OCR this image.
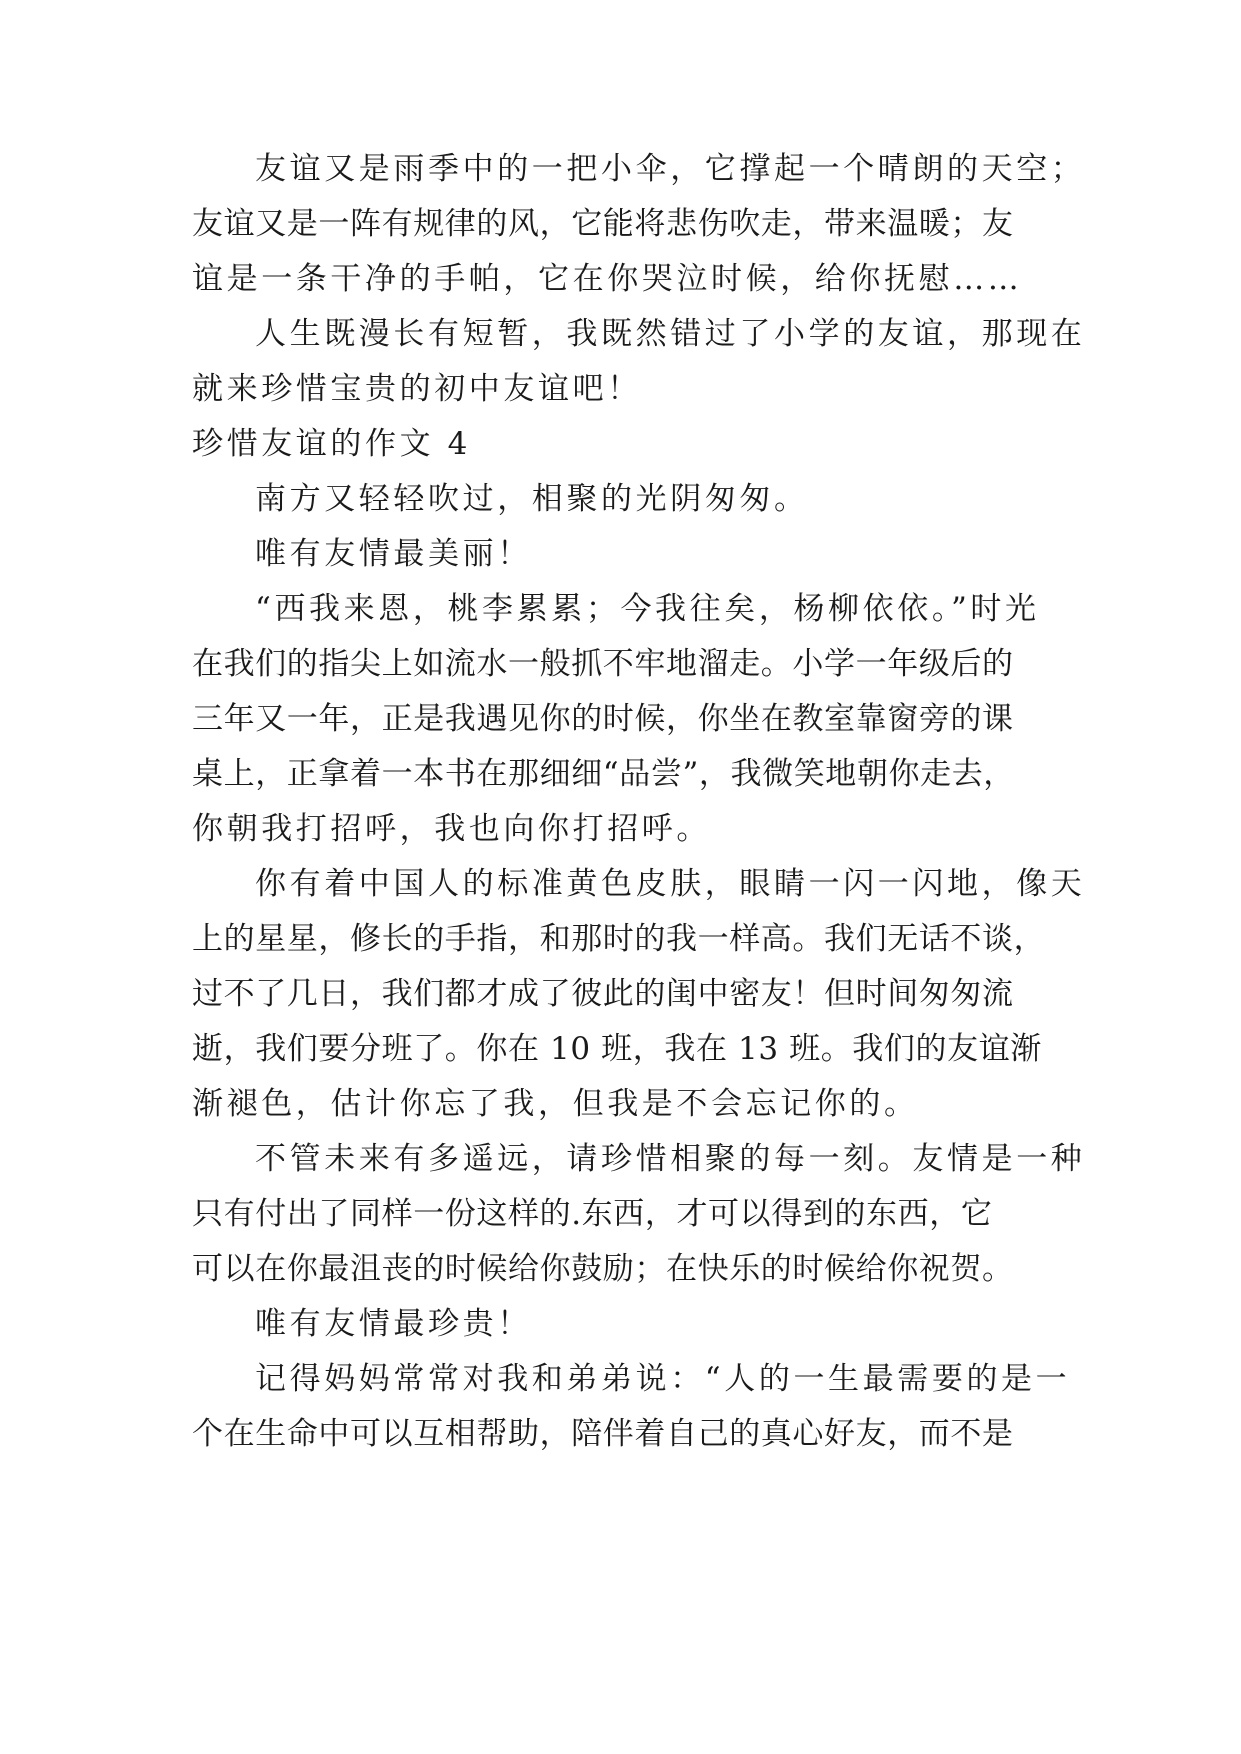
友谊又是雨季中的一把小伞，它撑起一个晴朗的天空；
友谊又是一阵有规律的风，它能将悲伤吹走，带来温暖；友
谊是一条干净的手帕，它在你哭泣时候，给你抚慰……
人生既漫长有短暂，我既然错过了小学的友谊，那现在
就来珍惜宝贵的初中友谊吧！
珍惜友谊的作文 4
南方又轻轻吹过，相聚的光阴匆匆。
唯有友情最美丽！
“西我来恩，桃李累累；今我往矣，杨柳依依。”时光
在我们的指尖上如流水一般抓不牢地溜走。小学一年级后的
三年又一年，正是我遇见你的时候，你坐在教室靠窗旁的课
桌上，正拿着一本书在那细细“品尝”，我微笑地朝你走去，
你朝我打招呼，我也向你打招呼。
你有着中国人的标准黄色皮肤，眼睛一闪一闪地，像天
上的星星，修长的手指，和那时的我一样高。我们无话不谈，
过不了几日，我们都才成了彼此的闺中密友！但时间匆匆流
逝，我们要分班了。你在 10 班，我在 13 班。我们的友谊渐
渐褪色，估计你忘了我，但我是不会忘记你的。
不管未来有多遥远，请珍惜相聚的每一刻。友情是一种
只有付出了同样一份这样的.东西，才可以得到的东西，它
可以在你最沮丧的时候给你鼓励；在快乐的时候给你祝贺。
唯有友情最珍贵！
记得妈妈常常对我和弟弟说：“人的一生最需要的是一
个在生命中可以互相帮助，陪伴着自己的真心好友，而不是
